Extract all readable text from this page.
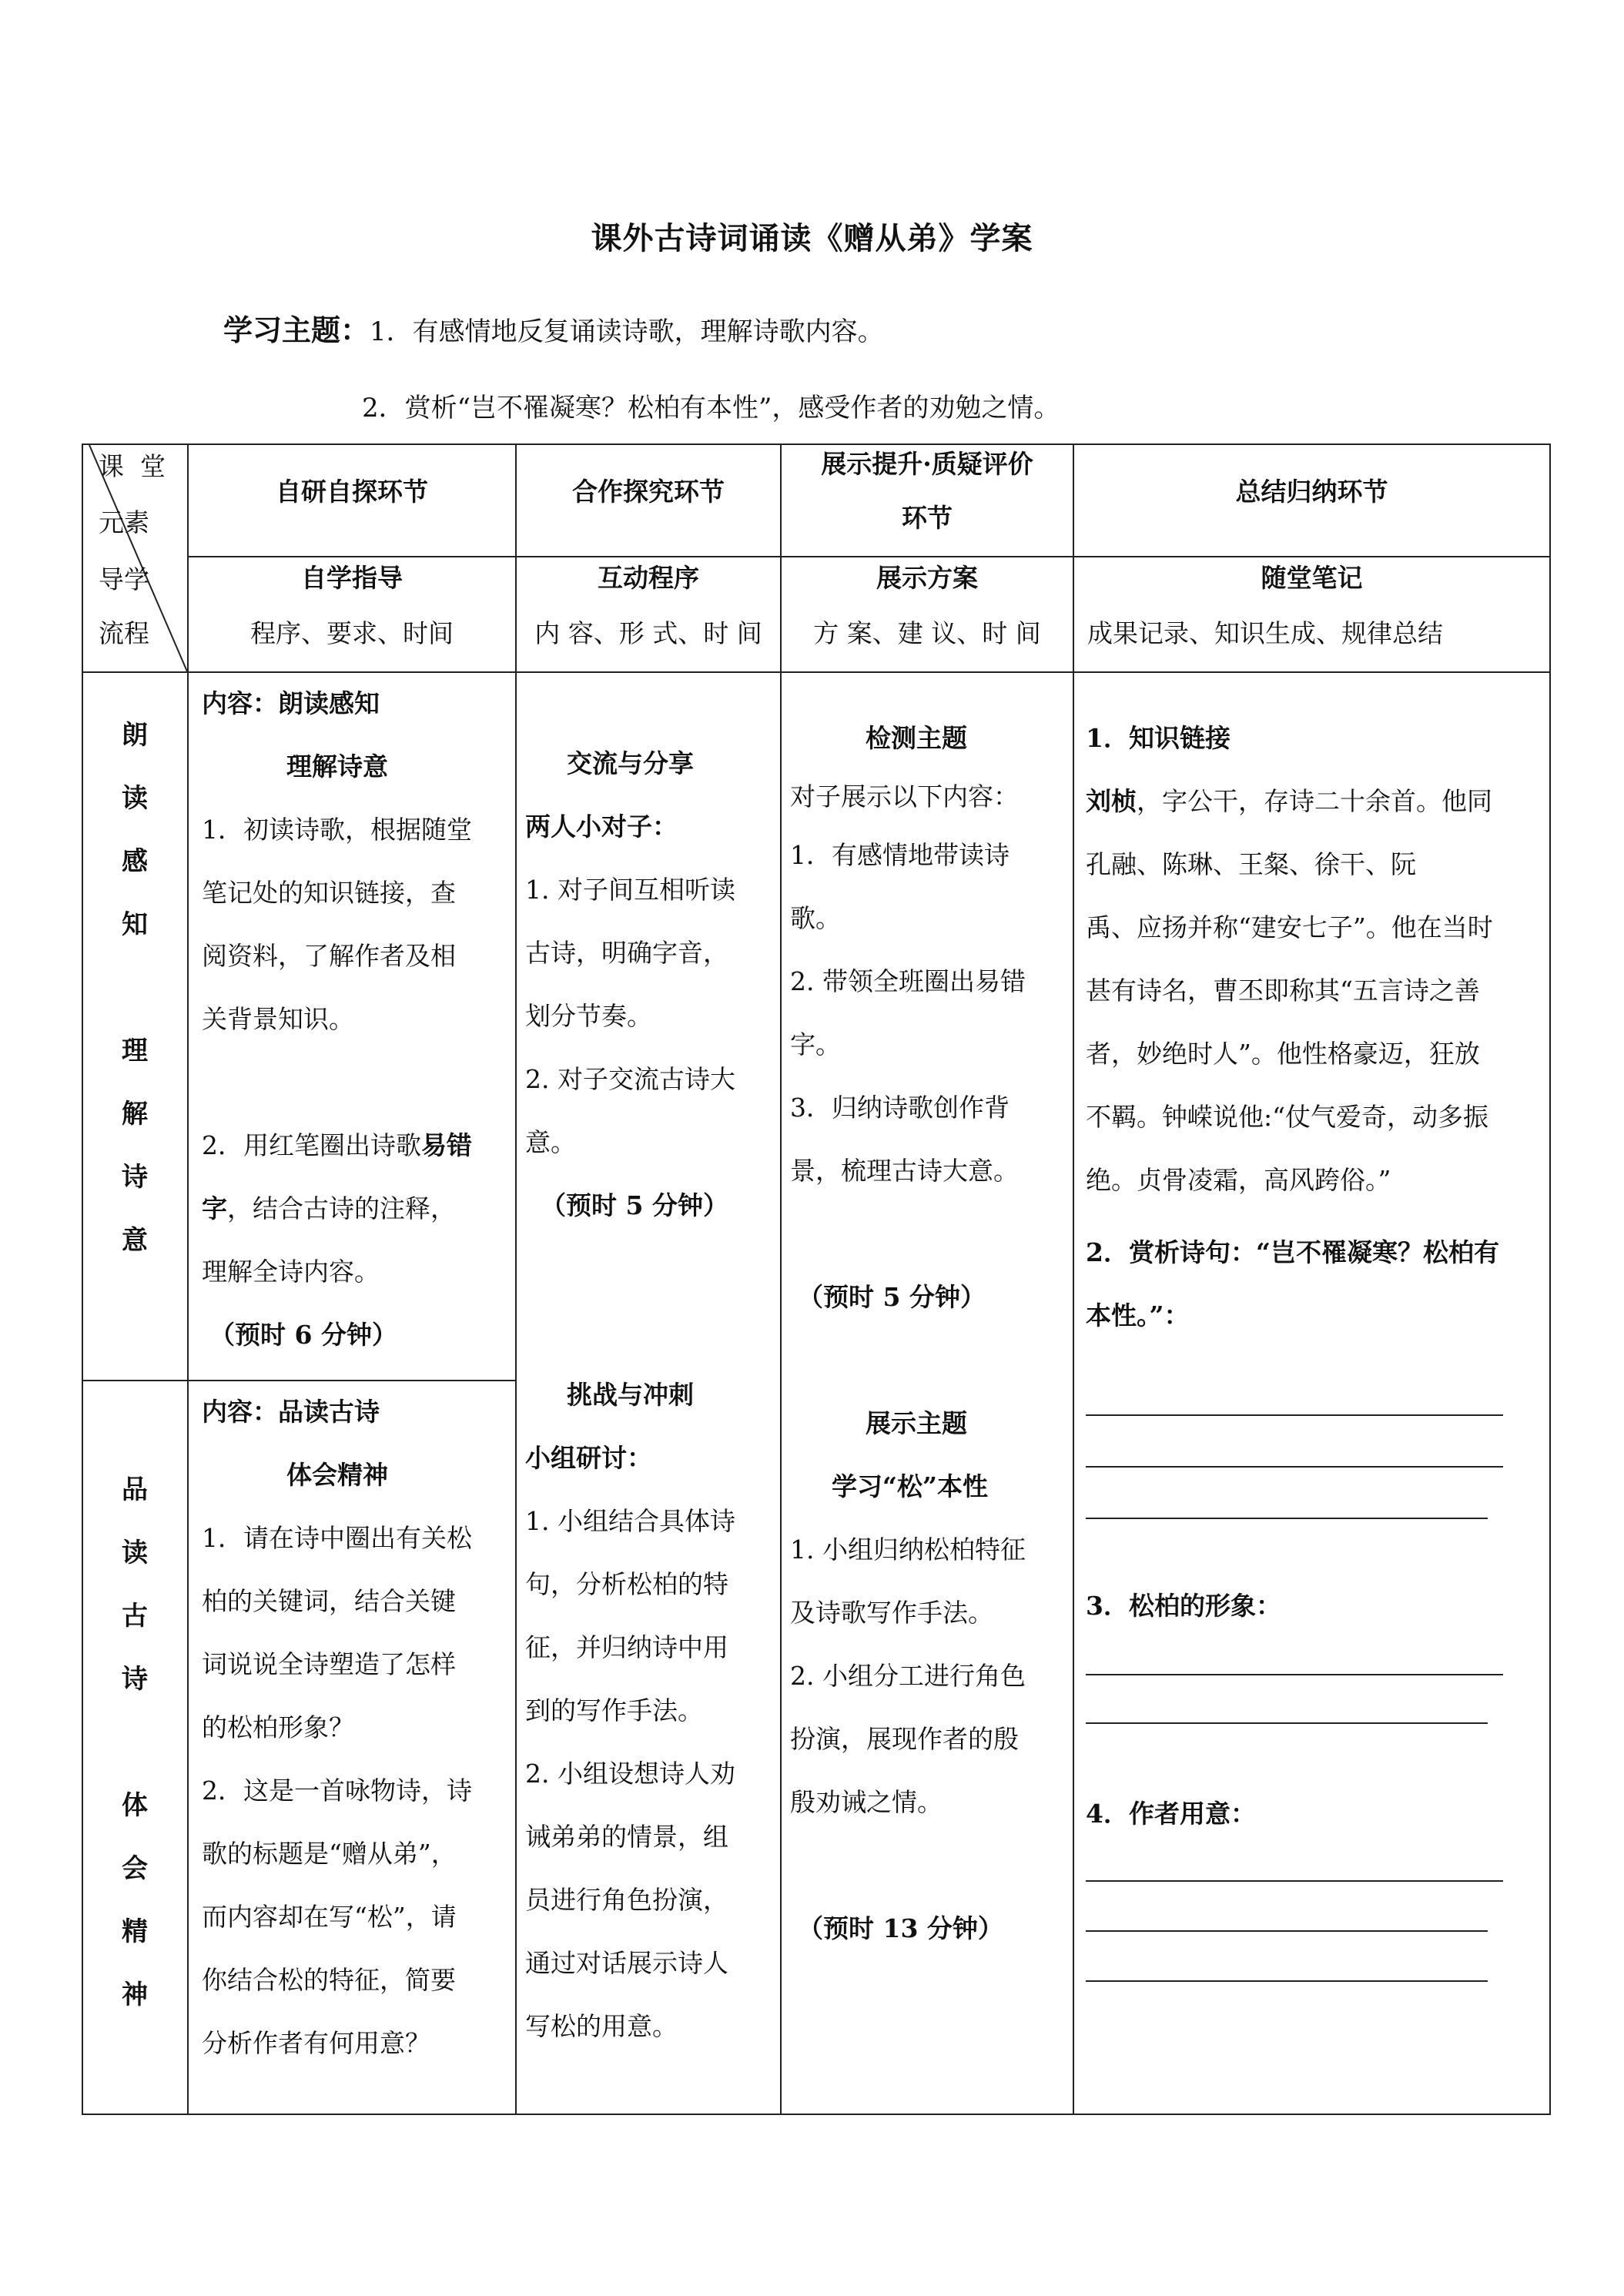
课外古诗词诵读《赠从弟》学案
学习主题：1．有感情地反复诵读诗歌，理解诗歌内容。
2．赏析“岂不罹凝寒？松柏有本性”，感受作者的劝勉之情。
课  堂
元素
导学
流程
自研自探环节	合作探究环节
展示提升·质疑评价
环节
总结归纳环节
自学指导
程序、要求、时间
互动程序
内 容、形 式、时 间
展示方案
方 案、建 议、时 间
随堂笔记
成果记录、知识生成、规律总结
朗
读
感
知
理
解
诗
意
品
读
古
诗
体
会
精
神

内容：朗读感知

理解诗意

1．初读诗歌，根据随堂

笔记处的知识链接，查

阅资料，了解作者及相

关背景知识。

2．用红笔圈出诗歌易错

字，结合古诗的注释，

理解全诗内容。

（预时 6 分钟）

内容：品读古诗

体会精神

1．请在诗中圈出有关松

柏的关键词，结合关键

词说说全诗塑造了怎样

的松柏形象？

2．这是一首咏物诗，诗

歌的标题是“赠从弟”，

而内容却在写“松”，请

你结合松的特征，简要

分析作者有何用意？

交流与分享

两人小对子：

1. 对子间互相听读

古诗，明确字音，

划分节奏。

2. 对子交流古诗大

意。

（预时 5 分钟）

挑战与冲刺

小组研讨：

1. 小组结合具体诗

句，分析松柏的特

征，并归纳诗中用

到的写作手法。

2. 小组设想诗人劝

诫弟弟的情景，组

员进行角色扮演，

通过对话展示诗人

写松的用意。

检测主题

对子展示以下内容：

1．有感情地带读诗

歌。

2. 带领全班圈出易错

字。

3．归纳诗歌创作背

景，梳理古诗大意。

（预时 5 分钟）

展示主题

学习“松”本性

1. 小组归纳松柏特征

及诗歌写作手法。

2. 小组分工进行角色

扮演，展现作者的殷

殷劝诫之情。

（预时 13 分钟）

1．知识链接

刘桢，字公干，存诗二十余首。他同

孔融、陈琳、王粲、徐干、阮

禹、应扬并称“建安七子”。他在当时

甚有诗名，曹丕即称其“五言诗之善

者，妙绝时人”。他性格豪迈，狂放

不羁。钟嵘说他:“仗气爱奇，动多振

绝。贞骨凌霜，高风跨俗。”

2．赏析诗句：“岂不罹凝寒？松柏有

本性。”：

3．松柏的形象：
4．作者用意：
